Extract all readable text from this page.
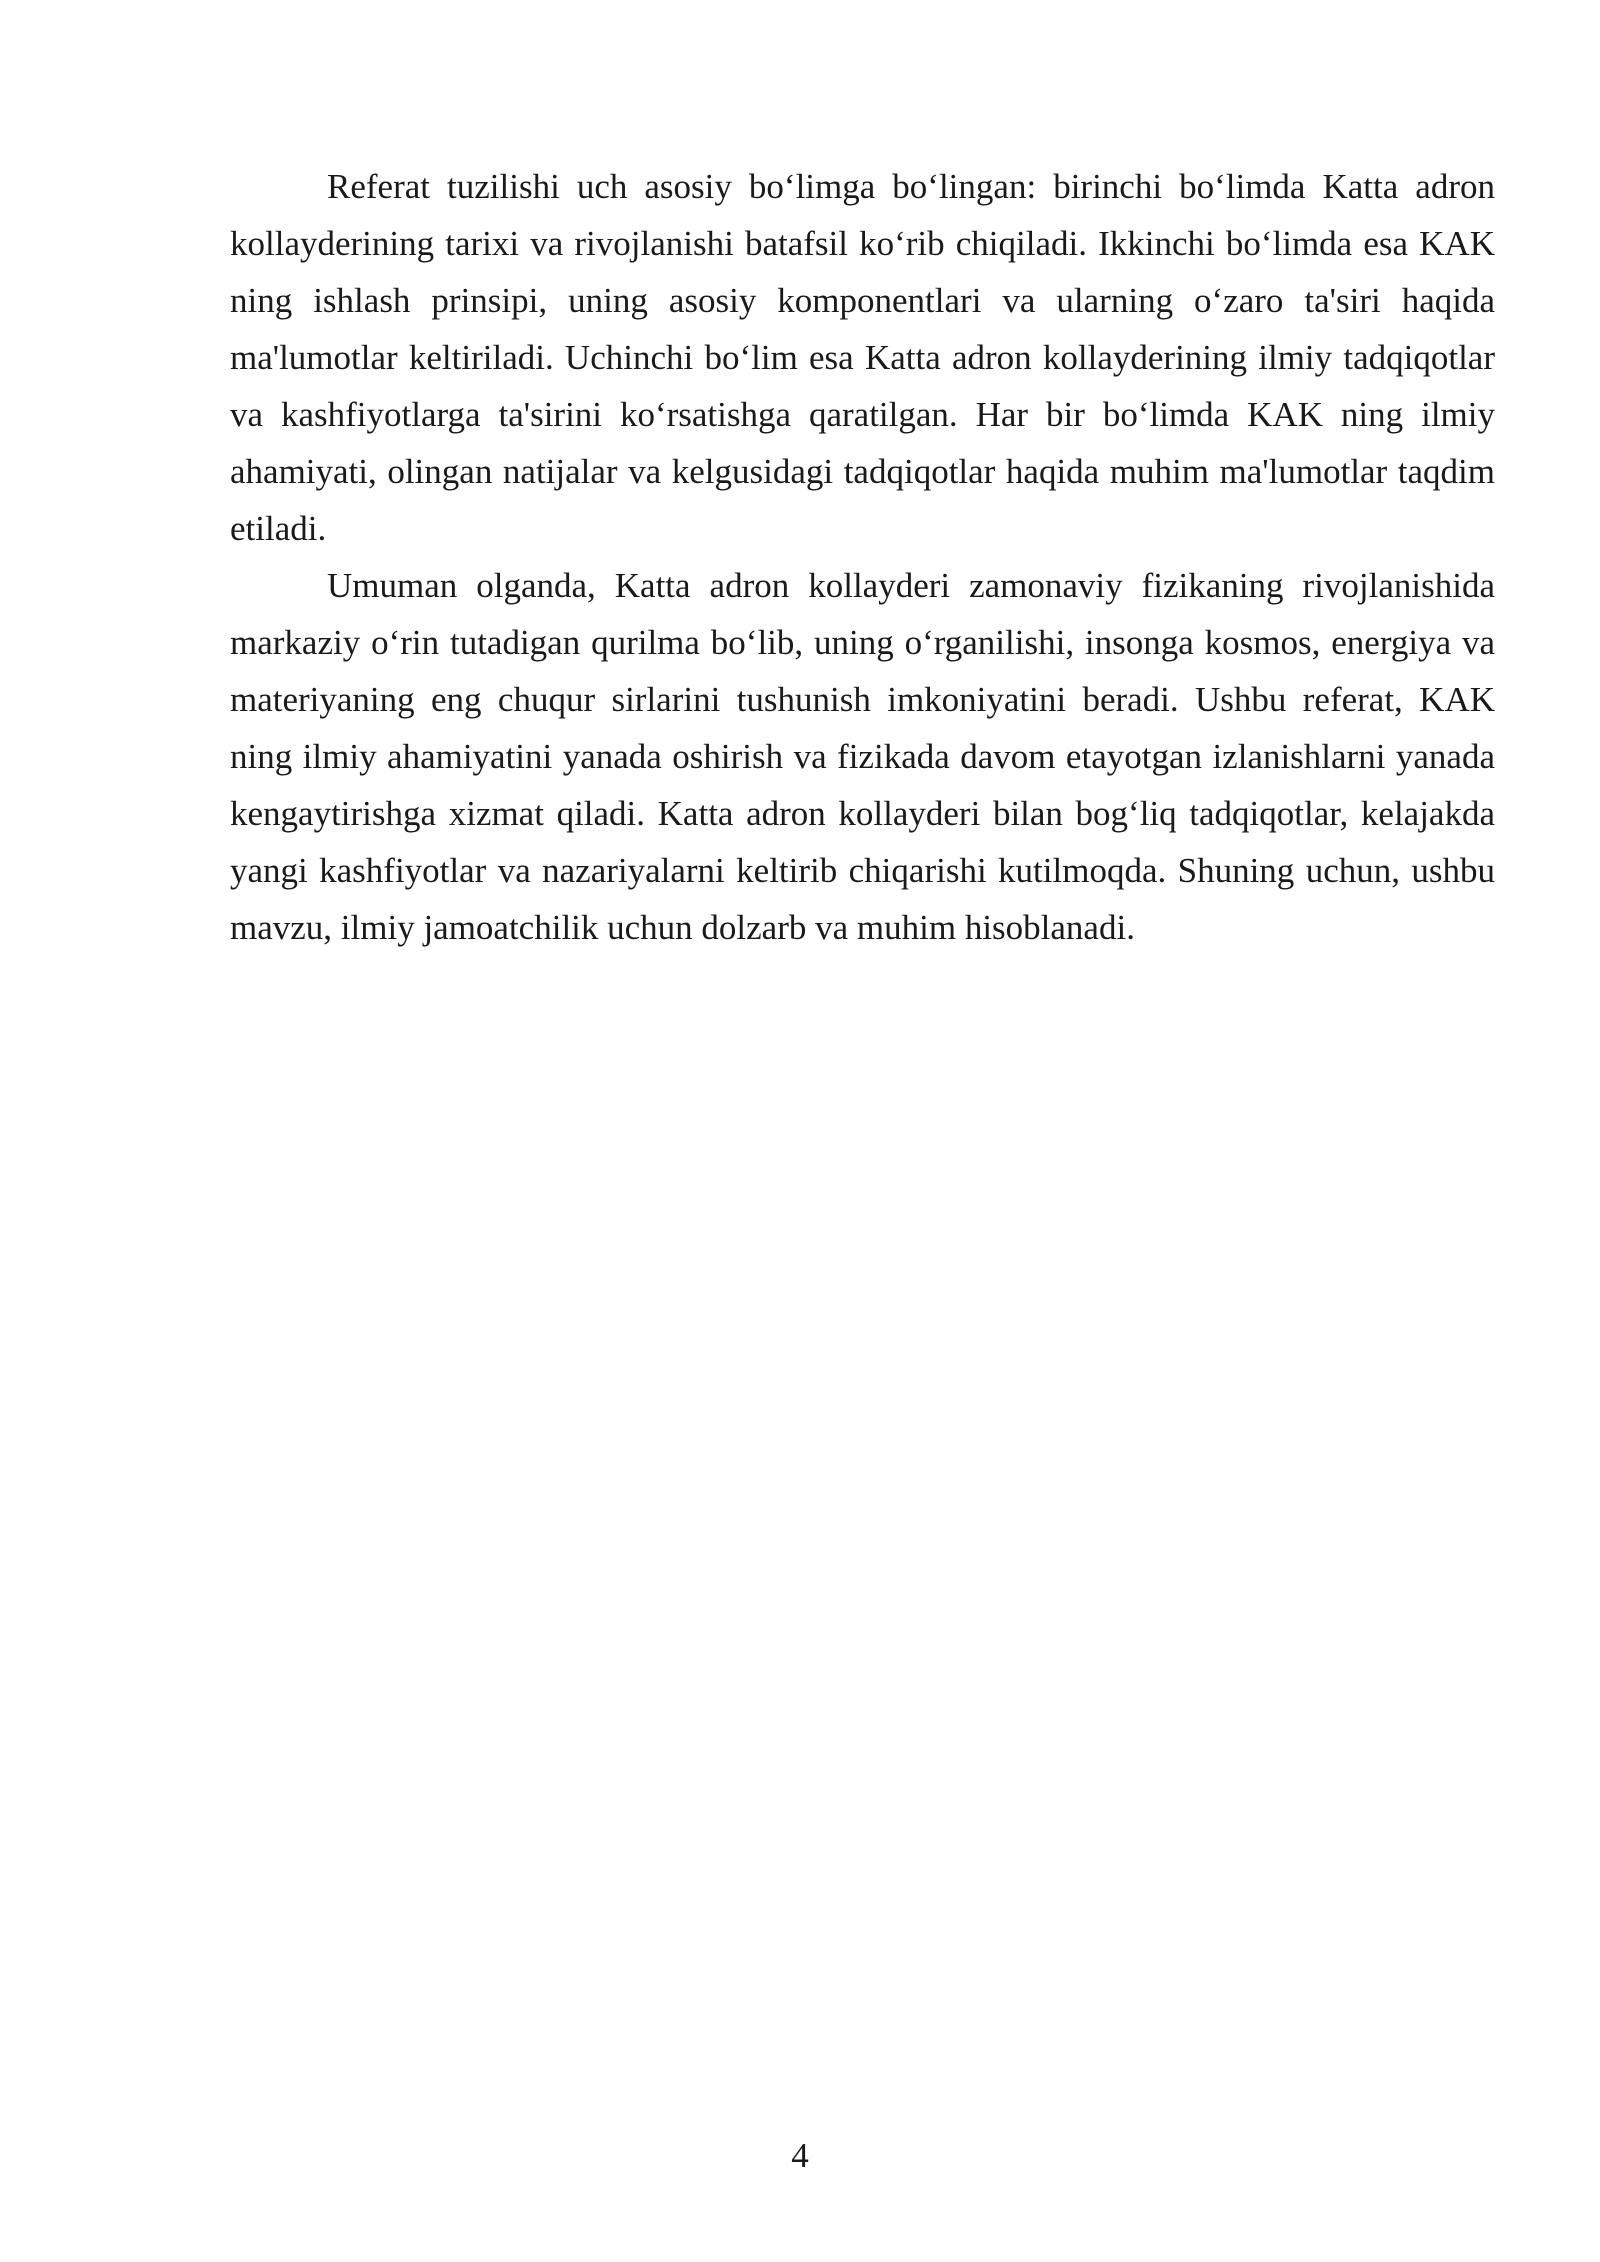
Referat tuzilishi uch asosiy bo‘limga bo‘lingan: birinchi bo‘limda Katta adron kollayderining tarixi va rivojlanishi batafsil ko‘rib chiqiladi. Ikkinchi bo‘limda esa KAK ning ishlash prinsipi, uning asosiy komponentlari va ularning o‘zaro ta'siri haqida ma'lumotlar keltiriladi. Uchinchi bo‘lim esa Katta adron kollayderining ilmiy tadqiqotlar va kashfiyotlarga ta'sirini ko‘rsatishga qaratilgan. Har bir bo‘limda KAK ning ilmiy ahamiyati, olingan natijalar va kelgusidagi tadqiqotlar haqida muhim ma'lumotlar taqdim etiladi.

Umuman olganda, Katta adron kollayderi zamonaviy fizikaning rivojlanishida markaziy o‘rin tutadigan qurilma bo‘lib, uning o‘rganilishi, insonga kosmos, energiya va materiyaning eng chuqur sirlarini tushunish imkoniyatini beradi. Ushbu referat, KAK ning ilmiy ahamiyatini yanada oshirish va fizikada davom etayotgan izlanishlarni yanada kengaytirishga xizmat qiladi. Katta adron kollayderi bilan bog‘liq tadqiqotlar, kelajakda yangi kashfiyotlar va nazariyalarni keltirib chiqarishi kutilmoqda. Shuning uchun, ushbu mavzu, ilmiy jamoatchilik uchun dolzarb va muhim hisoblanadi.

4
